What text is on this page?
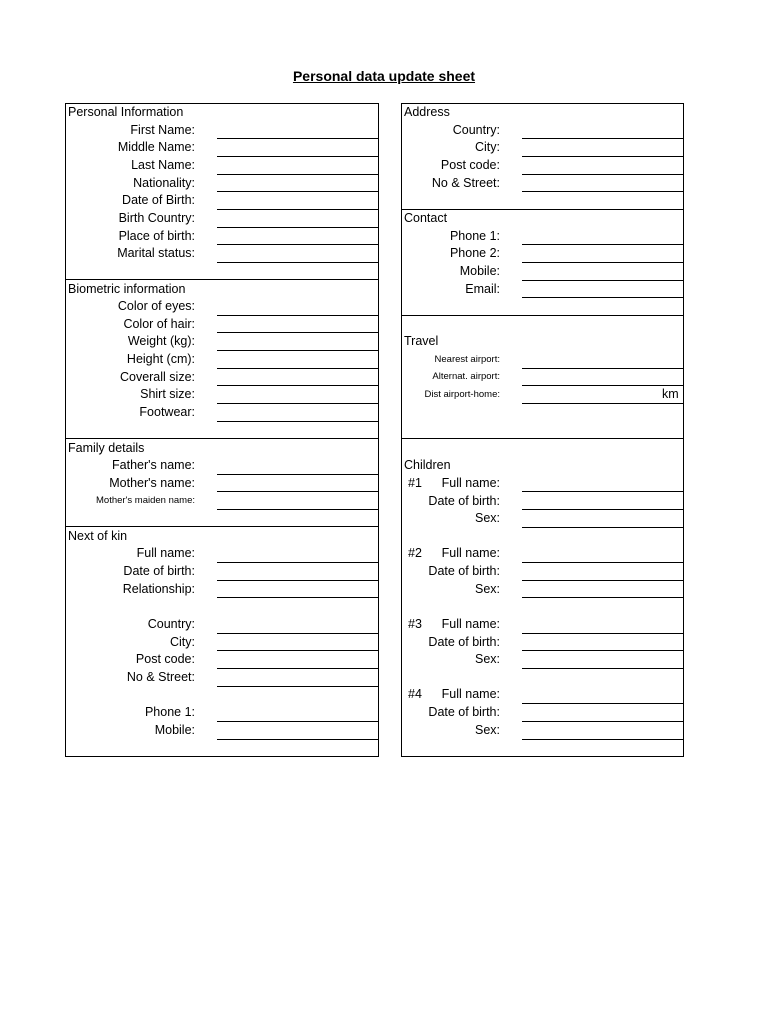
Personal data update sheet
Personal Information
First Name:
Middle Name:
Last Name:
Nationality:
Date of Birth:
Birth Country:
Place of birth:
Marital status:
Biometric information
Color of eyes:
Color of hair:
Weight (kg):
Height (cm):
Coverall size:
Shirt size:
Footwear:
Family details
Father's name:
Mother's name:
Mother's maiden name:
Next of kin
Full name:
Date of birth:
Relationship:
Country:
City:
Post code:
No & Street:
Phone 1:
Mobile:
Address
Country:
City:
Post code:
No & Street:
Contact
Phone 1:
Phone 2:
Mobile:
Email:
Travel
Nearest airport:
Alternat. airport:
Dist airport-home:	km
Children
#1 Full name:
Date of birth:
Sex:
#2 Full name:
Date of birth:
Sex:
#3 Full name:
Date of birth:
Sex:
#4 Full name:
Date of birth:
Sex:
